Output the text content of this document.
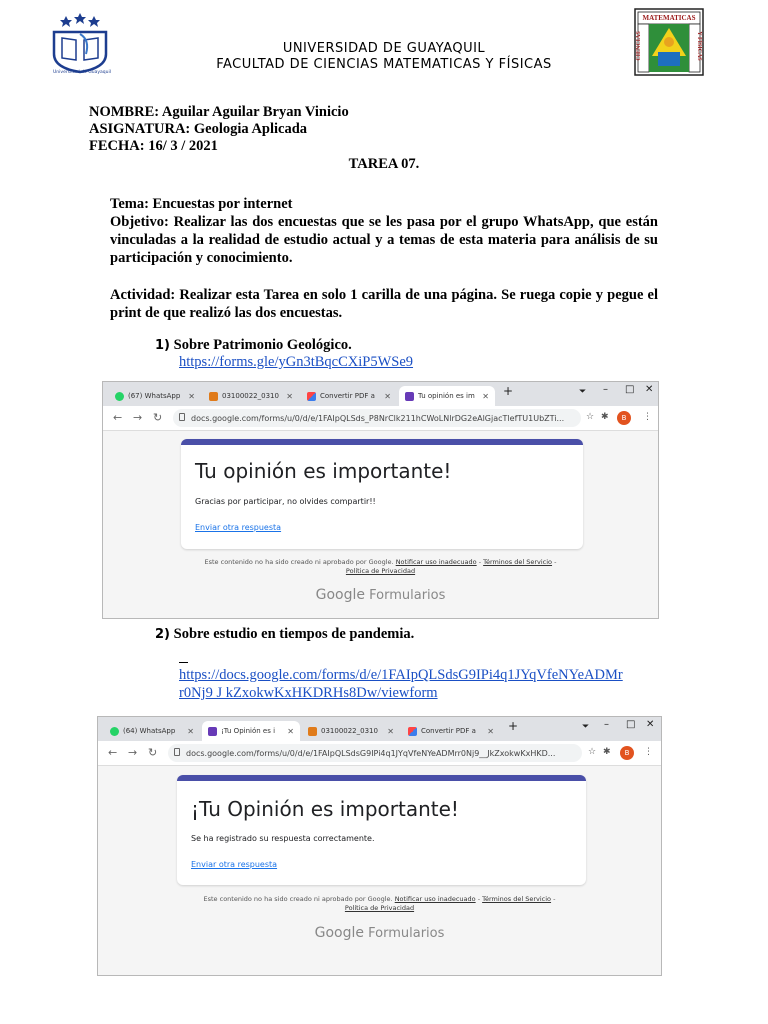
Universidad de Guayaquil
MATEMATICAS
CIENCIAS	Y FÍSICAS
UNIVERSIDAD DE GUAYAQUIL
FACULTAD DE CIENCIAS MATEMATICAS Y FÍSICAS
NOMBRE: Aguilar Aguilar Bryan Vinicio
ASIGNATURA: Geologia Aplicada
FECHA: 16/ 3 / 2021
TAREA 07.
Tema: Encuestas por internet
Objetivo: Realizar las dos encuestas que se les pasa por el grupo WhatsApp, que están vinculadas a la realidad de estudio actual y a temas de esta materia para análisis de su participación y conocimiento.
Actividad: Realizar esta Tarea en solo 1 carilla de una página. Se ruega copie y pegue el print de que realizó las dos encuestas.
1) Sobre Patrimonio Geológico.
https://forms.gle/yGn3tBqcCXiP5WSe9
(67) WhatsApp ✕	03100022_0310 ✕	Convertir PDF a ✕	Tu opinión es im ✕ +	⏷ – □ ✕
← → ↻	docs.google.com/forms/u/0/d/e/1FAIpQLSds_P8NrClk211hCWoLNlrDG2eAlGjacTlefTU1UbZTi... ☆ ✱	B	⋮
Tu opinión es importante!
Gracias por participar, no olvides compartir!!
Enviar otra respuesta
Este contenido no ha sido creado ni aprobado por Google. Notificar uso inadecuado - Términos del Servicio -
Política de Privacidad
Google Formularios
2) Sobre estudio en tiempos de pandemia.
https://docs.google.com/forms/d/e/1FAIpQLSdsG9IPi4q1JYqVfeNYeADMr
r0Nj9 J kZxokwKxHKDRHs8Dw/viewform
(64) WhatsApp ✕	¡Tu Opinión es i ✕	03100022_0310 ✕	Convertir PDF a ✕ +	⏷ – □ ✕
← → ↻	docs.google.com/forms/u/0/d/e/1FAIpQLSdsG9IPi4q1JYqVfeNYeADMrr0Nj9__JkZxokwKxHKD...	☆ ✱	B	⋮
¡Tu Opinión es importante!
Se ha registrado su respuesta correctamente.
Enviar otra respuesta
Este contenido no ha sido creado ni aprobado por Google. Notificar uso inadecuado - Términos del Servicio -
Política de Privacidad
Google Formularios
